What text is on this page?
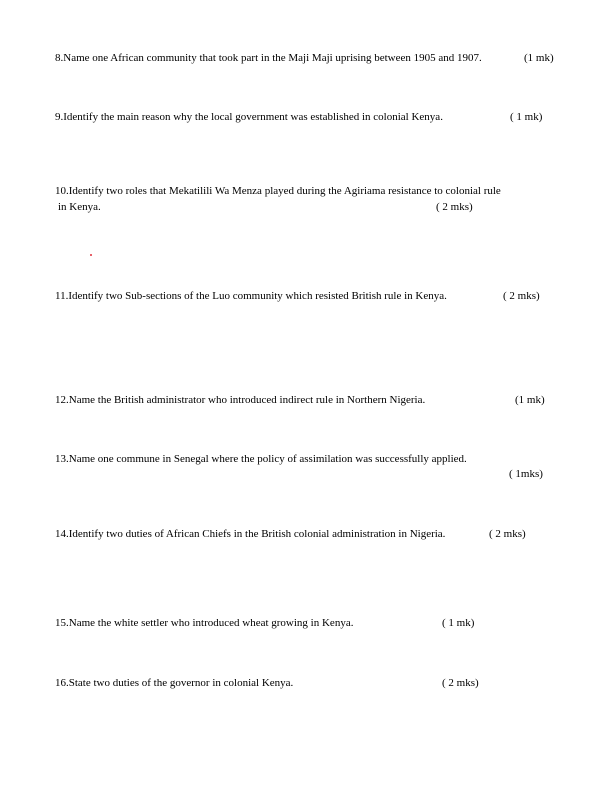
8.Name one African community that took part in the Maji Maji uprising between 1905 and 1907.	(1 mk)
9.Identify the main reason why the local government was established in colonial Kenya.	( 1 mk)
10.Identify two roles that Mekatilili Wa Menza played during the Agiriama resistance to colonial rule
in Kenya.	( 2 mks)
11.Identify two Sub-sections of the Luo community which resisted British rule in Kenya.	( 2 mks)
12.Name the British administrator who introduced indirect rule in Northern Nigeria.	(1 mk)
13.Name one commune in Senegal where the policy of assimilation was successfully applied.
( 1mks)
14.Identify two duties of African Chiefs in the British colonial administration in Nigeria.	( 2 mks)
15.Name the white settler who introduced wheat growing in Kenya.	( 1 mk)
16.State two duties of the governor in colonial Kenya.	( 2 mks)
